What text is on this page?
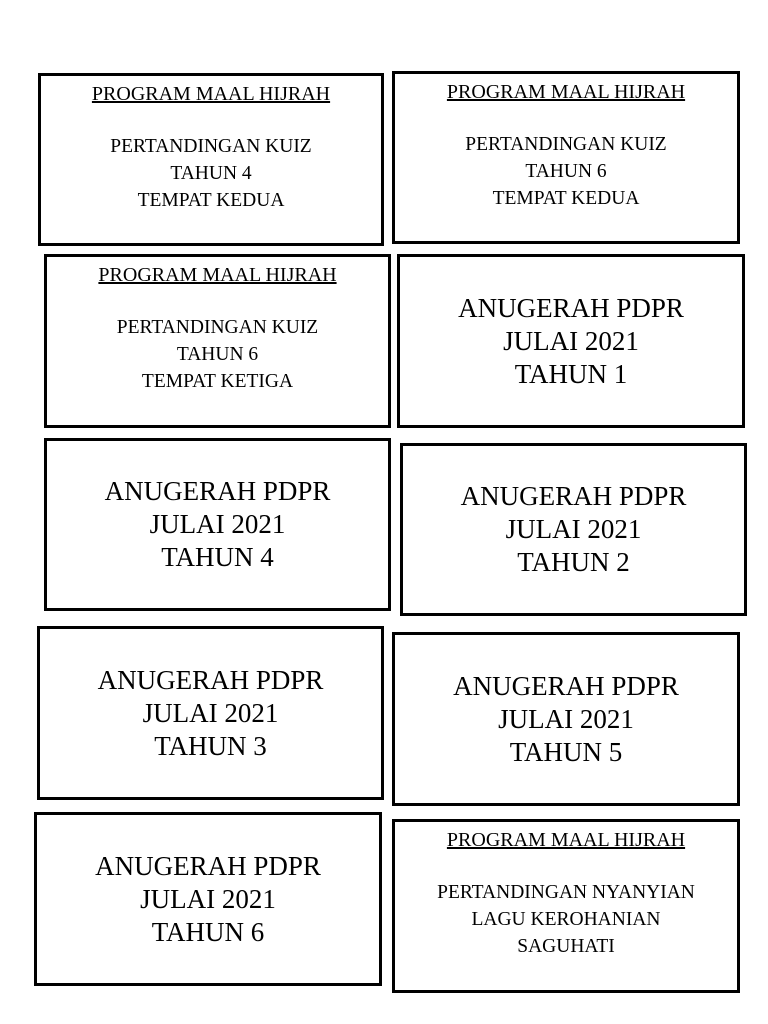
PROGRAM MAAL HIJRAH
PERTANDINGAN KUIZ
TAHUN 4
TEMPAT KEDUA
PROGRAM MAAL HIJRAH
PERTANDINGAN KUIZ
TAHUN 6
TEMPAT KEDUA
PROGRAM MAAL HIJRAH
PERTANDINGAN KUIZ
TAHUN 6
TEMPAT KETIGA
ANUGERAH PDPR
JULAI 2021
TAHUN 1
ANUGERAH PDPR
JULAI 2021
TAHUN 4
ANUGERAH PDPR
JULAI 2021
TAHUN 2
ANUGERAH PDPR
JULAI 2021
TAHUN 3
ANUGERAH PDPR
JULAI 2021
TAHUN 5
ANUGERAH PDPR
JULAI 2021
TAHUN 6
PROGRAM MAAL HIJRAH
PERTANDINGAN NYANYIAN
LAGU KEROHANIAN
SAGUHATI
